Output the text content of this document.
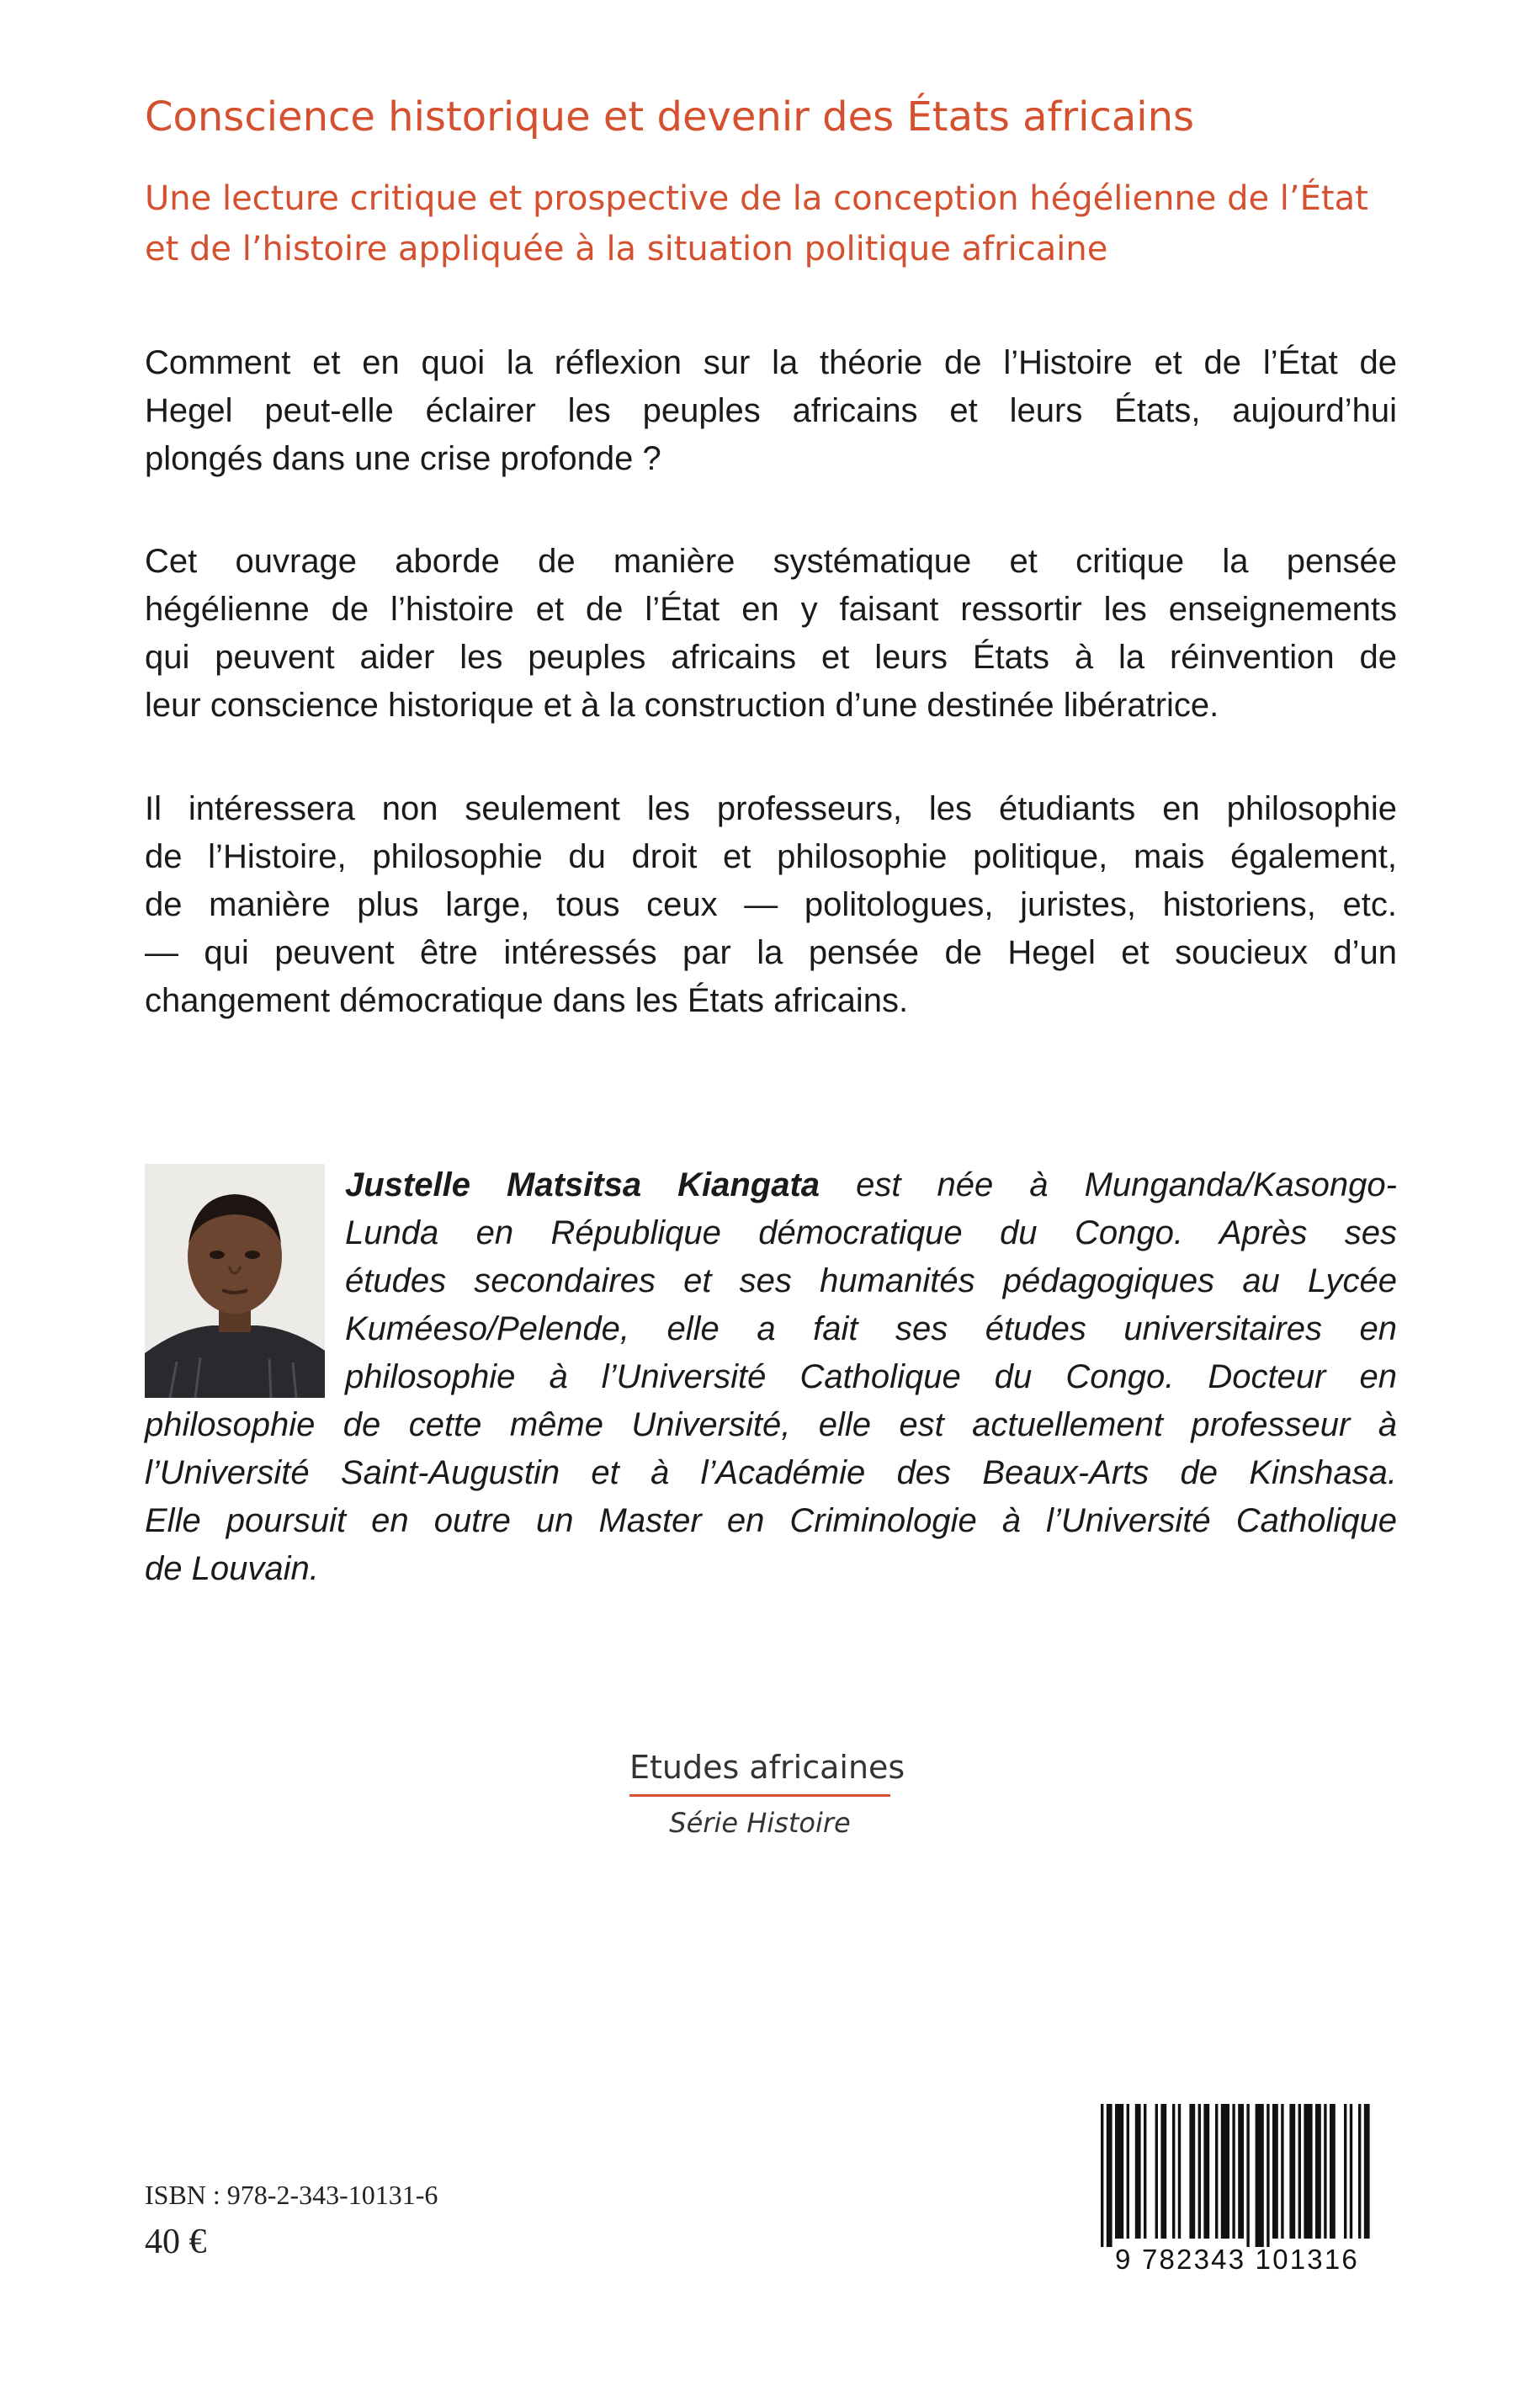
Conscience historique et devenir des États africains
Une lecture critique et prospective de la conception hégélienne de l’État
et de l’histoire appliquée à la situation politique africaine

Comment et en quoi la réflexion sur la théorie de l’Histoire et de l’État de
Hegel peut-elle éclairer les peuples africains et leurs États, aujourd’hui
plongés dans une crise profonde ?

Cet ouvrage aborde de manière systématique et critique la pensée
hégélienne de l’histoire et de l’État en y faisant ressortir les enseignements
qui peuvent aider les peuples africains et leurs États à la réinvention de
leur conscience historique et à la construction d’une destinée libératrice.

Il intéressera non seulement les professeurs, les étudiants en philosophie
de l’Histoire, philosophie du droit et philosophie politique, mais également,
de manière plus large, tous ceux — politologues, juristes, historiens, etc.
— qui peuvent être intéressés par la pensée de Hegel et soucieux d’un
changement démocratique dans les États africains.

Justelle Matsitsa Kiangata est née à Munganda/Kasongo-
Lunda en République démocratique du Congo. Après ses
études secondaires et ses humanités pédagogiques au Lycée
Kuméeso/Pelende, elle a fait ses études universitaires en
philosophie à l’Université Catholique du Congo. Docteur en
philosophie de cette même Université, elle est actuellement professeur à
l’Université Saint-Augustin et à l’Académie des Beaux-Arts de Kinshasa.
Elle poursuit en outre un Master en Criminologie à l’Université Catholique
de Louvain.
Etudes africaines
Série Histoire
ISBN : 978-2-343-10131-6
40 €	9 782343 101316
